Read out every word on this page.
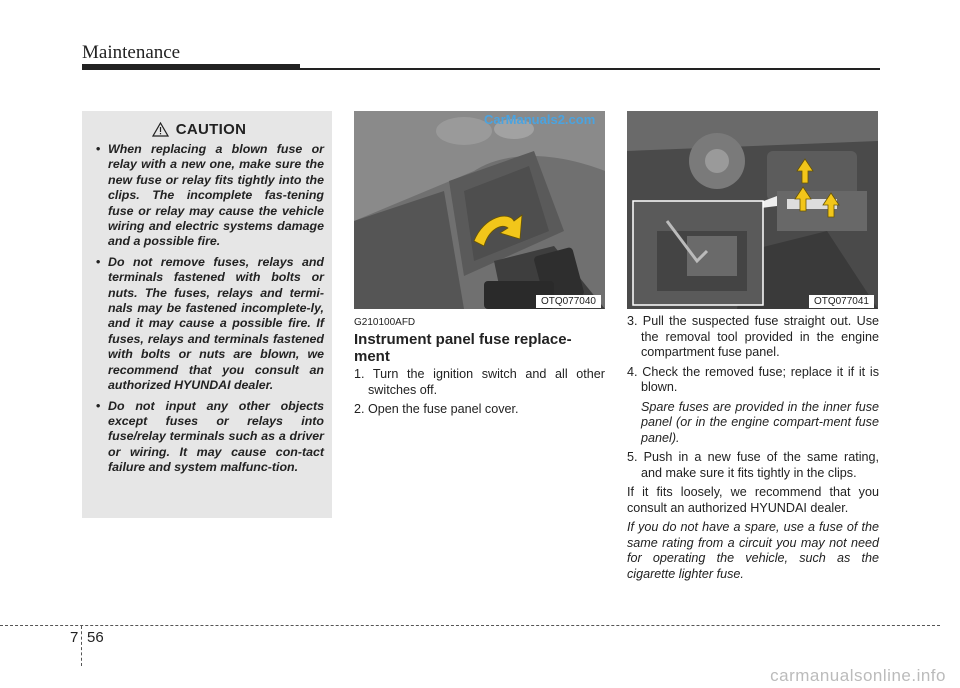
Maintenance
CAUTION
• When replacing a blown fuse or relay with a new one, make sure the new fuse or relay fits tightly into the clips. The incomplete fas-tening fuse or relay may cause the vehicle wiring and electric systems damage and a possible fire.
• Do not remove fuses, relays and terminals fastened with bolts or nuts. The fuses, relays and termi-nals may be fastened incomplete-ly, and it may cause a possible fire. If fuses, relays and terminals fastened with bolts or nuts are blown, we recommend that you consult an authorized HYUNDAI dealer.
• Do not input any other objects except fuses or relays into fuse/relay terminals such as a driver or wiring. It may cause con-tact failure and system malfunc-tion.
CarManuals2.com
OTQ077040	OTQ077041
G210100AFD
Instrument panel fuse replace-ment

1. Turn the ignition switch and all other switches off.

2. Open the fuse panel cover.

3. Pull the suspected fuse straight out. Use the removal tool provided in the engine compartment fuse panel.

4. Check the removed fuse; replace it if it is blown.

Spare fuses are provided in the inner fuse panel (or in the engine compart-ment fuse panel).

5. Push in a new fuse of the same rating, and make sure it fits tightly in the clips.

If it fits loosely, we recommend that you consult an authorized HYUNDAI dealer.

If you do not have a spare, use a fuse of the same rating from a circuit you may not need for operating the vehicle, such as the cigarette lighter fuse.

7 56
carmanualsonline.info
